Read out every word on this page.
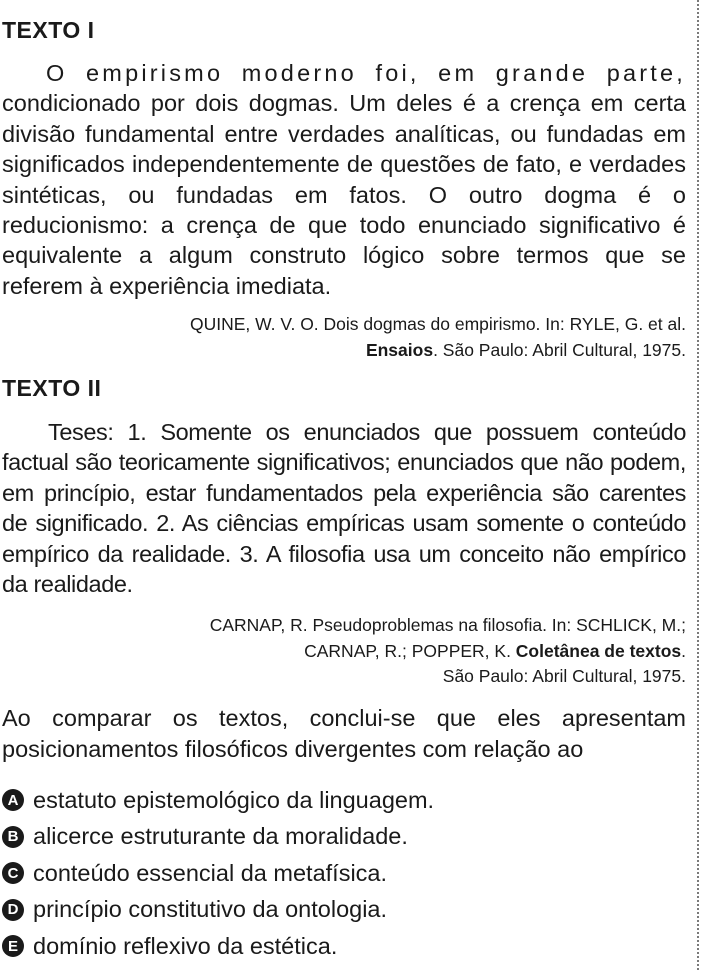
TEXTO I

O empirismo moderno foi, em grande parte, condicionado por dois dogmas. Um deles é a crença em certa divisão fundamental entre verdades analíticas, ou fundadas em significados independentemente de questões de fato, e verdades sintéticas, ou fundadas em fatos. O outro dogma é o reducionismo: a crença de que todo enunciado significativo é equivalente a algum construto lógico sobre termos que se referem à experiência imediata.

QUINE, W. V. O. Dois dogmas do empirismo. In: RYLE, G. et al.
Ensaios. São Paulo: Abril Cultural, 1975.
TEXTO II

Teses: 1. Somente os enunciados que possuem conteúdo factual são teoricamente significativos; enunciados que não podem, em princípio, estar fundamentados pela experiência são carentes de significado. 2. As ciências empíricas usam somente o conteúdo empírico da realidade. 3. A filosofia usa um conceito não empírico da realidade.

CARNAP, R. Pseudoproblemas na filosofia. In: SCHLICK, M.;
CARNAP, R.; POPPER, K. Coletânea de textos.
São Paulo: Abril Cultural, 1975.

Ao comparar os textos, conclui-se que eles apresentam posicionamentos filosóficos divergentes com relação ao

A estatuto epistemológico da linguagem.
B alicerce estruturante da moralidade.
C conteúdo essencial da metafísica.
D princípio constitutivo da ontologia.
E domínio reflexivo da estética.
